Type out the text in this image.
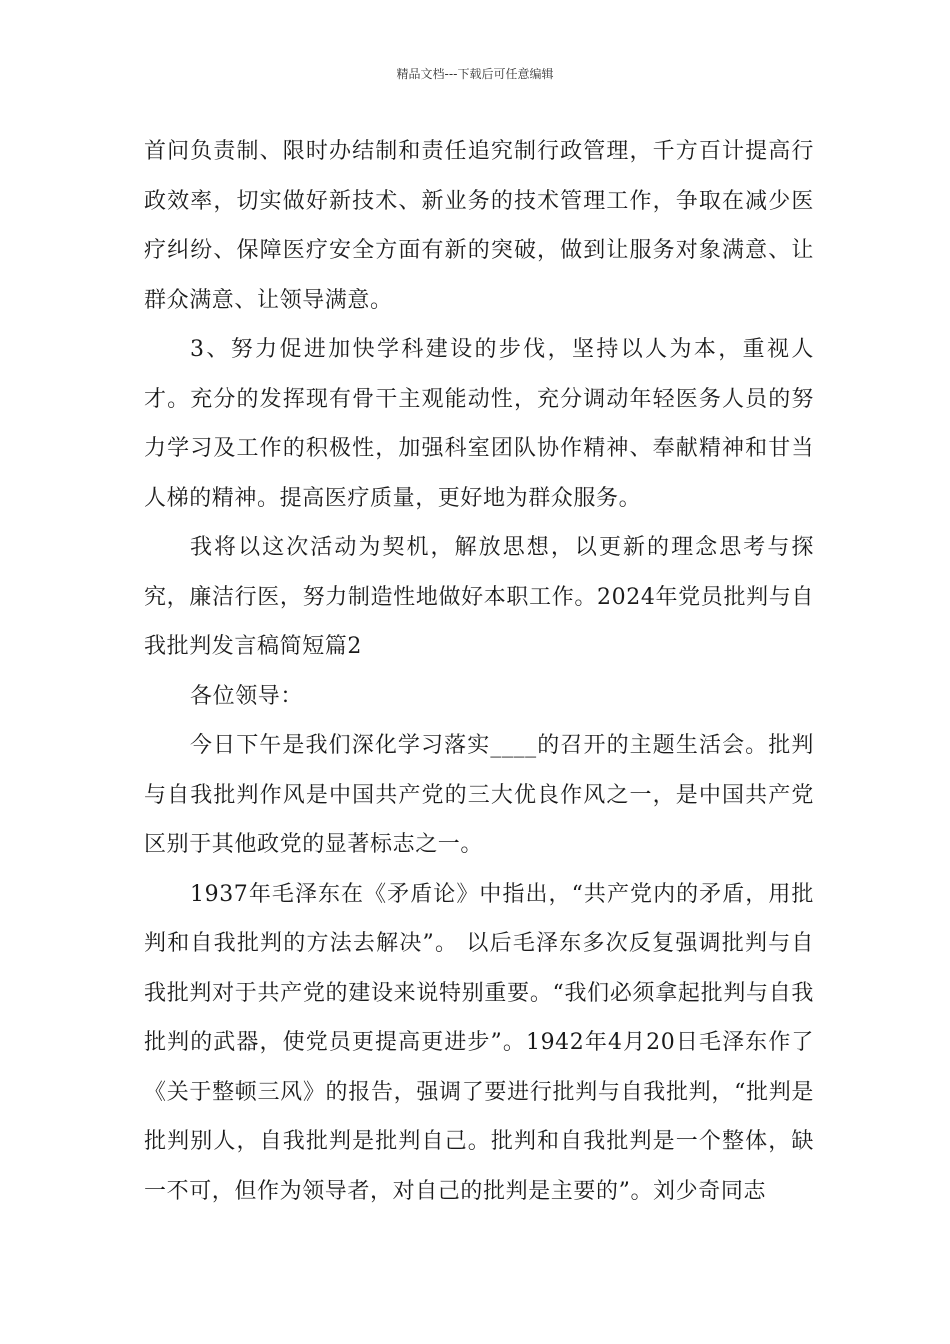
精品文档---下载后可任意编辑

首问负责制、限时办结制和责任追究制行政管理，千方百计提高行政效率，切实做好新技术、新业务的技术管理工作，争取在减少医疗纠纷、保障医疗安全方面有新的突破，做到让服务对象满意、让群众满意、让领导满意。

3、努力促进加快学科建设的步伐，坚持以人为本，重视人才。充分的发挥现有骨干主观能动性，充分调动年轻医务人员的努力学习及工作的积极性，加强科室团队协作精神、奉献精神和甘当人梯的精神。提高医疗质量，更好地为群众服务。

我将以这次活动为契机，解放思想，以更新的理念思考与探究，廉洁行医，努力制造性地做好本职工作。2024年党员批判与自我批判发言稿简短篇2

各位领导：

今日下午是我们深化学习落实____的召开的主题生活会。批判与自我批判作风是中国共产党的三大优良作风之一，是中国共产党区别于其他政党的显著标志之一。

1937年毛泽东在《矛盾论》中指出，“共产党内的矛盾，用批判和自我批判的方法去解决”。 以后毛泽东多次反复强调批判与自我批判对于共产党的建设来说特别重要。“我们必须拿起批判与自我批判的武器，使党员更提高更进步”。1942年4月20日毛泽东作了《关于整顿三风》的报告，强调了要进行批判与自我批判，“批判是批判别人，自我批判是批判自己。批判和自我批判是一个整体，缺一不可，但作为领导者，对自己的批判是主要的”。刘少奇同志
